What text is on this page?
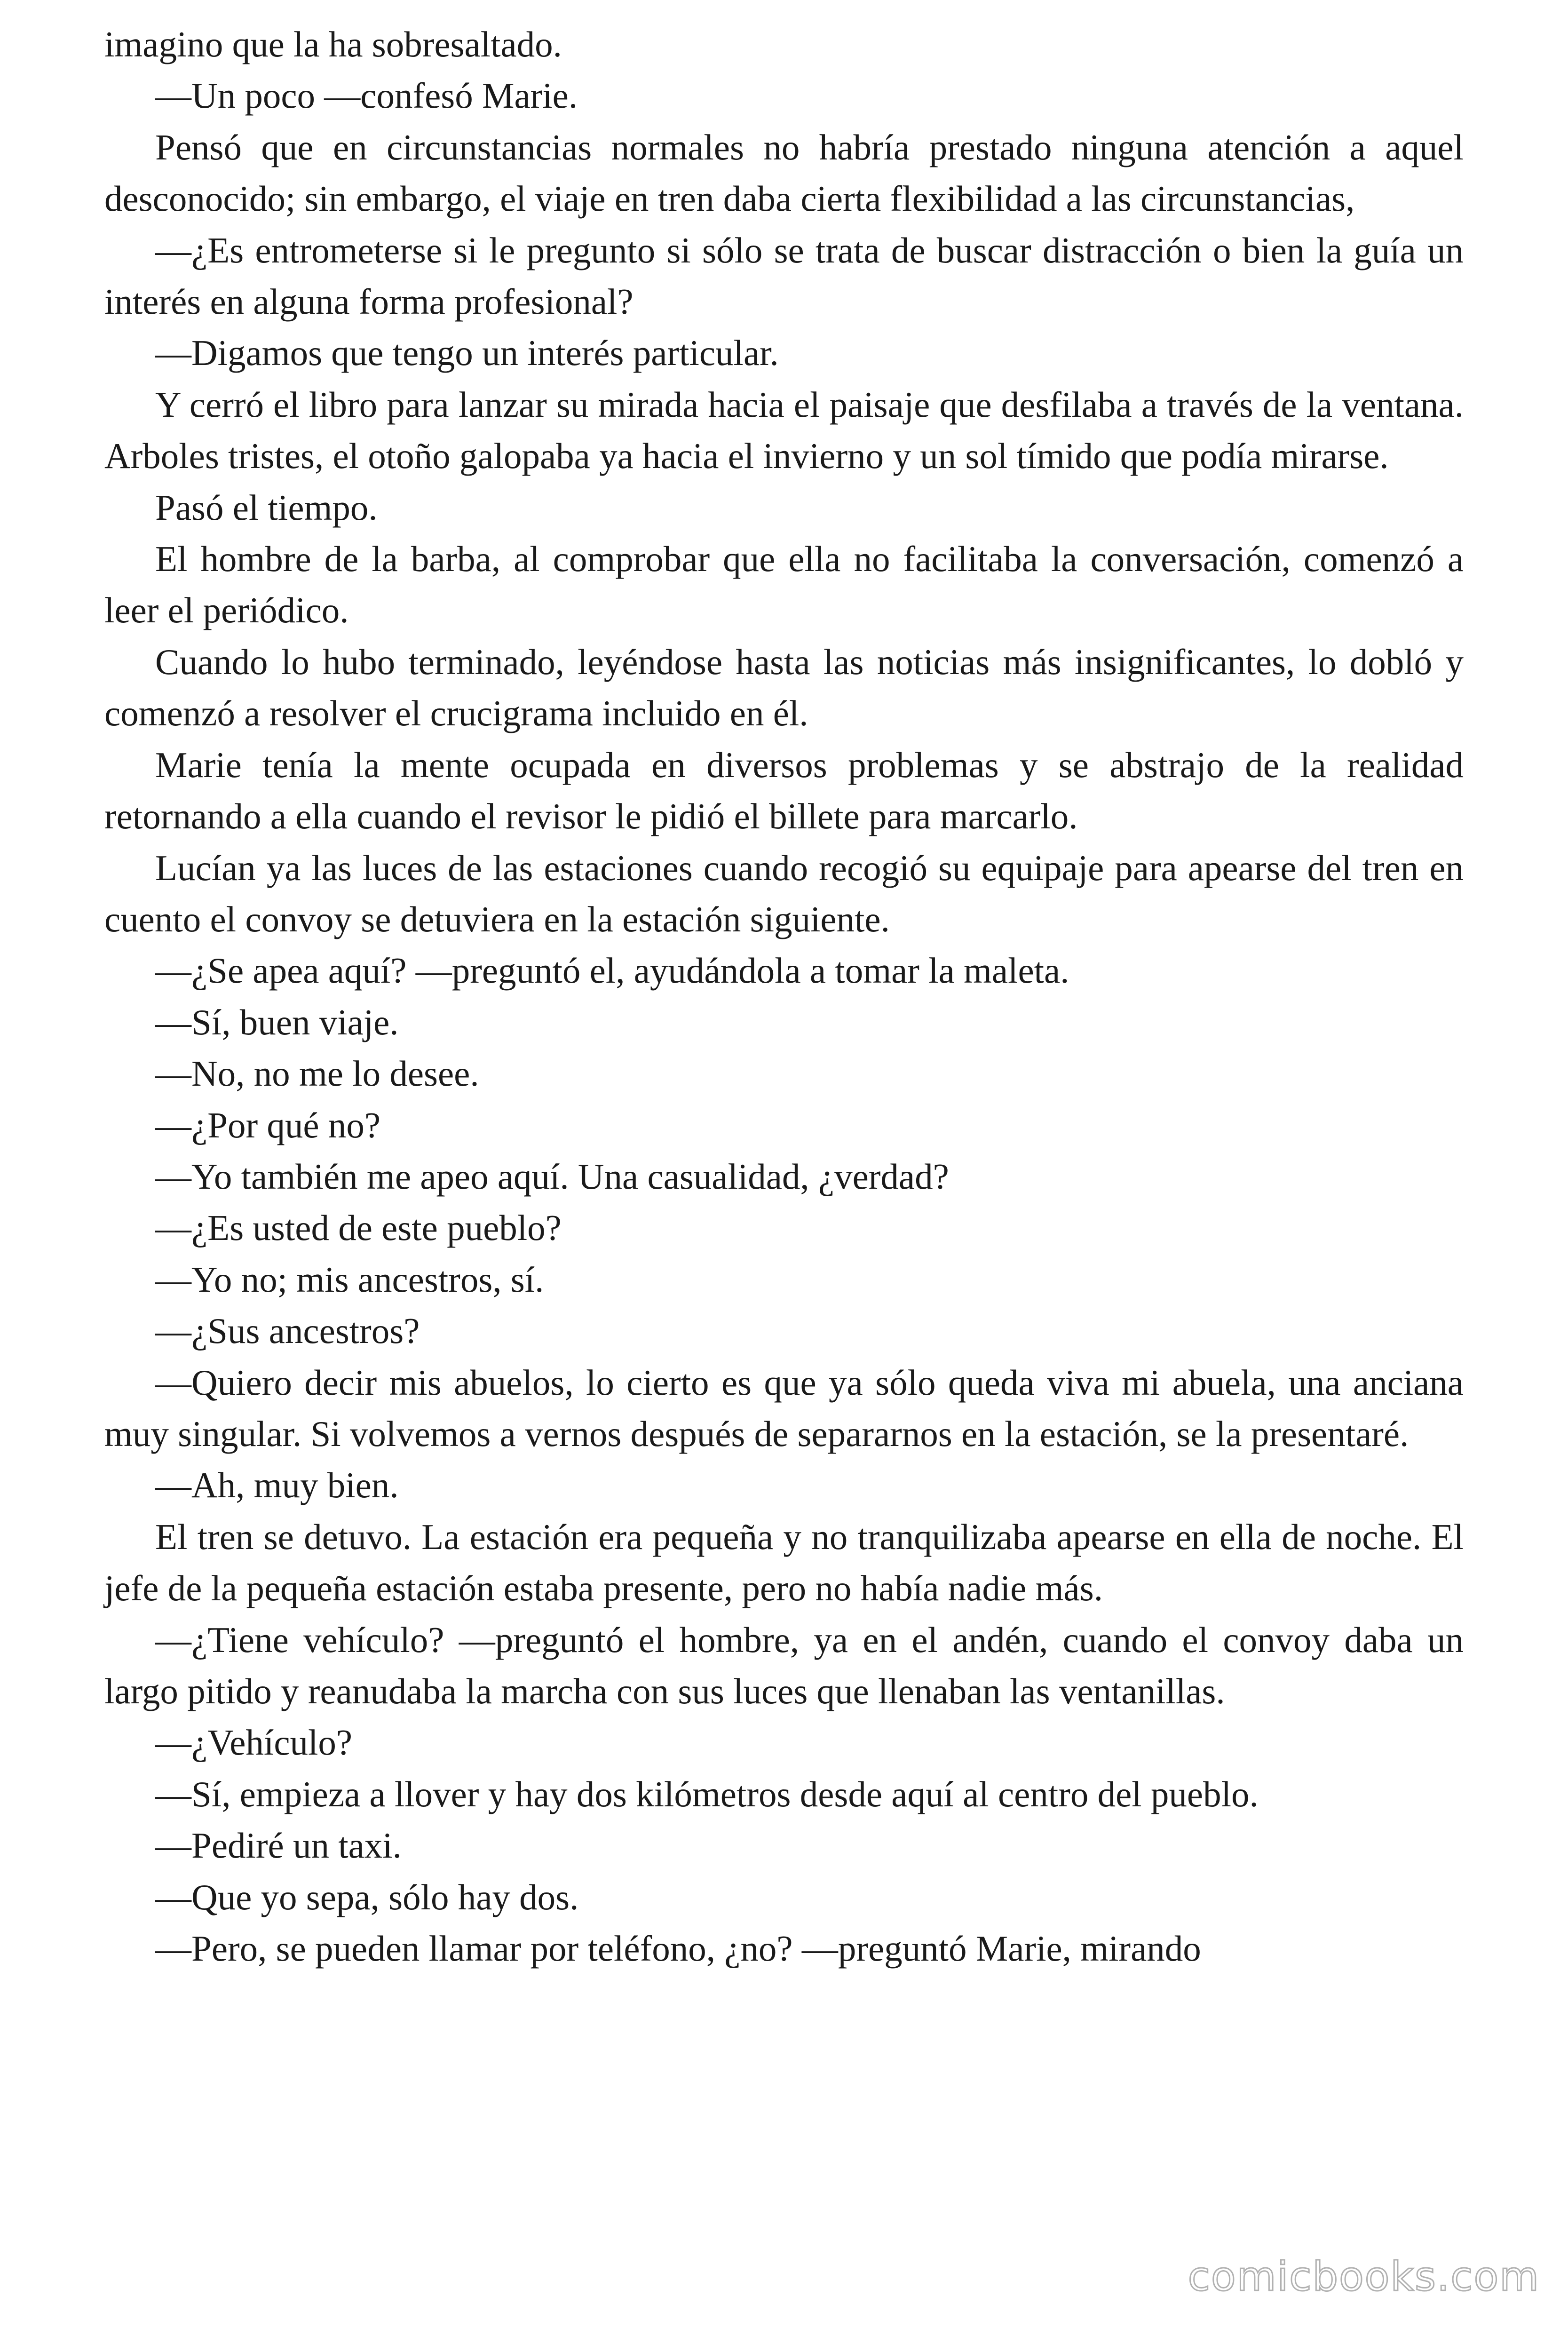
imagino que la ha sobresaltado.

—Un poco —confesó Marie.

Pensó que en circunstancias normales no habría prestado ninguna atención a aquel desconocido; sin embargo, el viaje en tren daba cierta flexibilidad a las circunstancias,

—¿Es entrometerse si le pregunto si sólo se trata de buscar distracción o bien la guía un interés en alguna forma profesional?

—Digamos que tengo un interés particular.

Y cerró el libro para lanzar su mirada hacia el paisaje que desfilaba a través de la ventana. Arboles tristes, el otoño galopaba ya hacia el invierno y un sol tímido que podía mirarse.

Pasó el tiempo.

El hombre de la barba, al comprobar que ella no facilitaba la conversación, comenzó a leer el periódico.

Cuando lo hubo terminado, leyéndose hasta las noticias más insignificantes, lo dobló y comenzó a resolver el crucigrama incluido en él.

Marie tenía la mente ocupada en diversos problemas y se abstrajo de la realidad retornando a ella cuando el revisor le pidió el billete para marcarlo.

Lucían ya las luces de las estaciones cuando recogió su equipaje para apearse del tren en cuento el convoy se detuviera en la estación siguiente.

—¿Se apea aquí? —preguntó el, ayudándola a tomar la maleta.

—Sí, buen viaje.

—No, no me lo desee.

—¿Por qué no?

—Yo también me apeo aquí. Una casualidad, ¿verdad?

—¿Es usted de este pueblo?

—Yo no; mis ancestros, sí.

—¿Sus ancestros?

—Quiero decir mis abuelos, lo cierto es que ya sólo queda viva mi abuela, una anciana muy singular. Si volvemos a vernos después de separarnos en la estación, se la presentaré.

—Ah, muy bien.

El tren se detuvo. La estación era pequeña y no tranquilizaba apearse en ella de noche. El jefe de la pequeña estación estaba presente, pero no había nadie más.

—¿Tiene vehículo? —preguntó el hombre, ya en el andén, cuando el convoy daba un largo pitido y reanudaba la marcha con sus luces que llenaban las ventanillas.

—¿Vehículo?

—Sí, empieza a llover y hay dos kilómetros desde aquí al centro del pueblo.

—Pediré un taxi.

—Que yo sepa, sólo hay dos.

—Pero, se pueden llamar por teléfono, ¿no? —preguntó Marie, mirando

comicbooks.com
